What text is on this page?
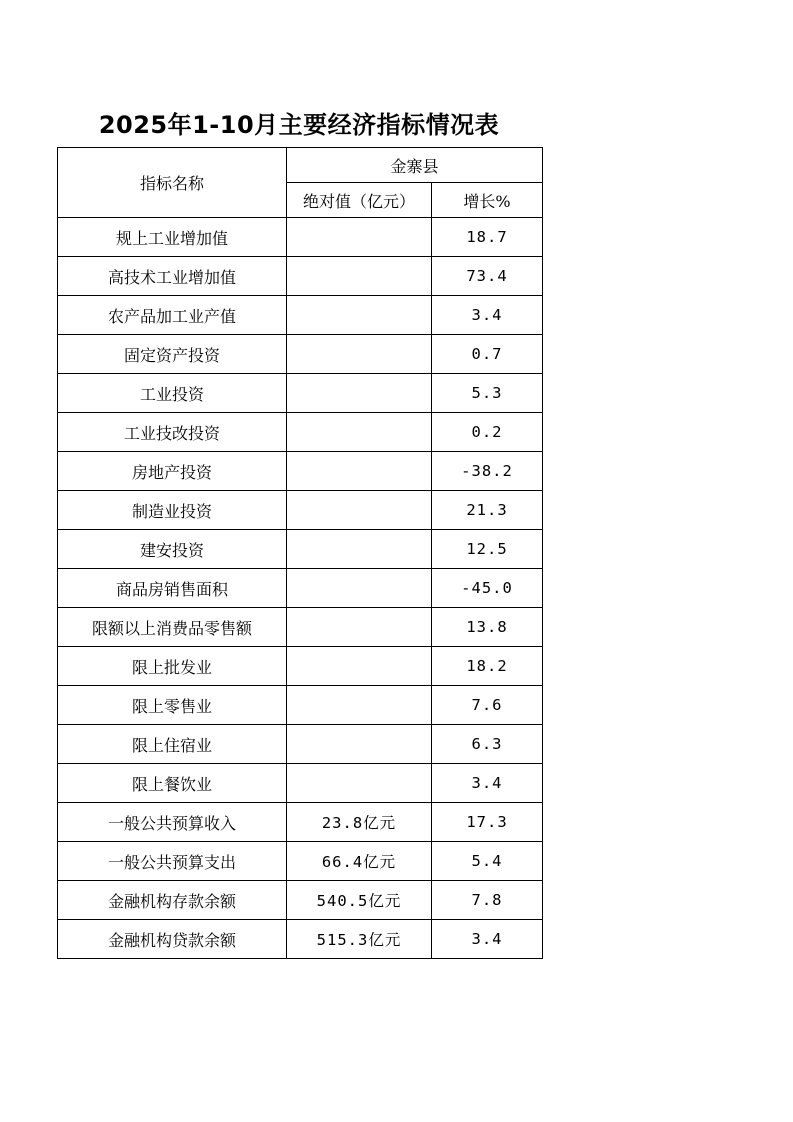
2025年1-10月主要经济指标情况表
指标名称	金寨县	
	绝对值（亿元）	增长%
规上工业增加值		18.7
高技术工业增加值		73.4
农产品加工业产值		3.4
固定资产投资		0.7
工业投资		5.3
工业技改投资		0.2
房地产投资		-38.2
制造业投资		21.3
建安投资		12.5
商品房销售面积		-45.0
限额以上消费品零售额		13.8
限上批发业		18.2
限上零售业		7.6
限上住宿业		6.3
限上餐饮业		3.4
一般公共预算收入	23.8亿元	17.3
一般公共预算支出	66.4亿元	5.4
金融机构存款余额	540.5亿元	7.8
金融机构贷款余额	515.3亿元	3.4
